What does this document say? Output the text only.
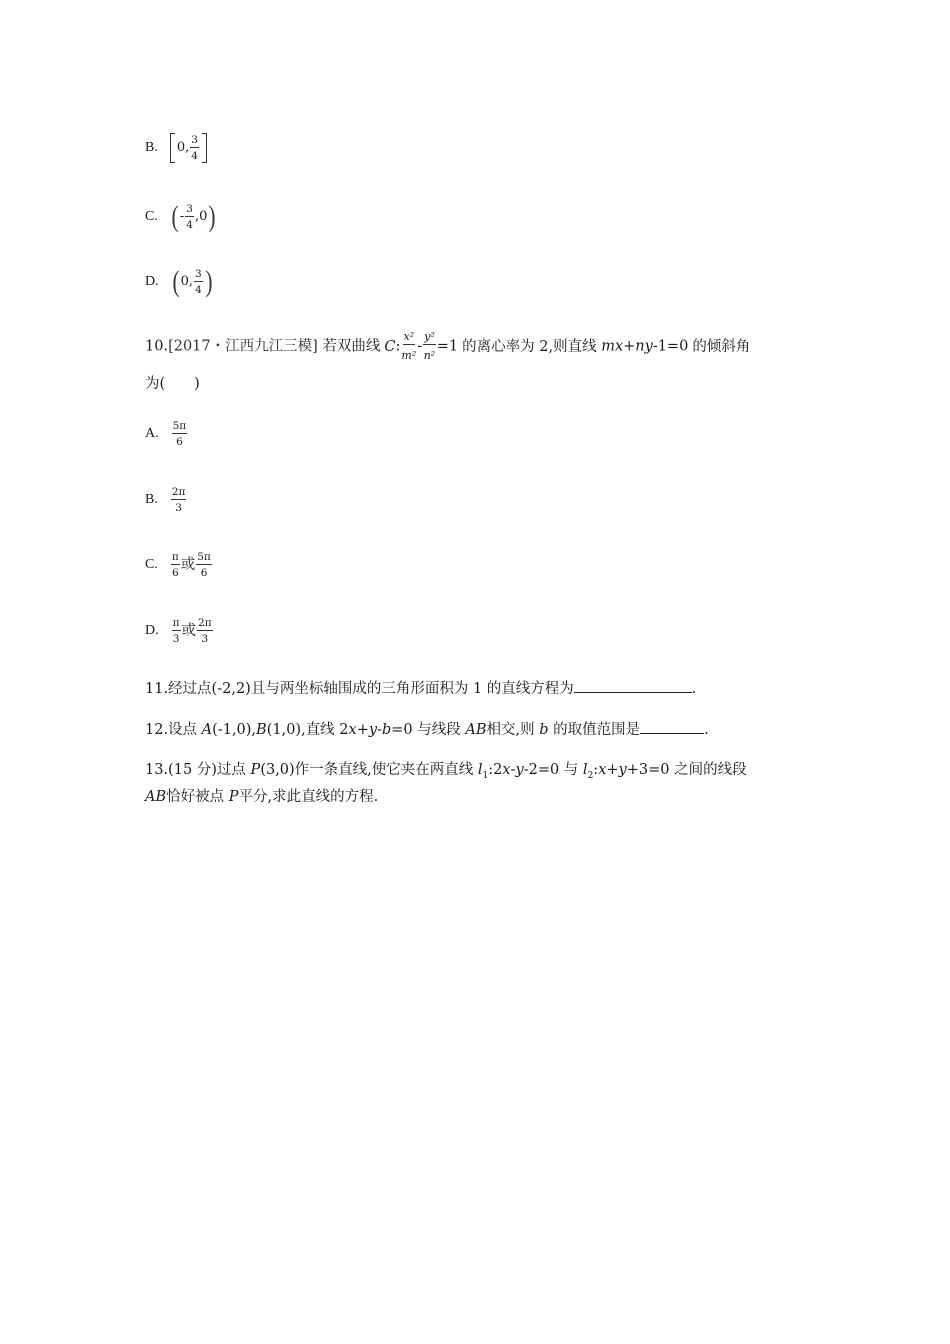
B. 0 , $\frac{3}{4}$
C. ( - $\frac{3}{4}$ , 0 )
D. ( 0 , $\frac{3}{4}$ )
10.[2017・江西九江三模] 若双曲线 C: $\frac{\text{x²}}{\text{m²}} - \frac{\text{y²}}{\text{n²}} =1$ 的离心率为 2,则直线 mx+ny-1=0 的倾斜角
为(　　)
A. $\frac{5\pi}{6}$
B. $\frac{2\pi}{3}$
C. $\frac{\pi}{6}$ 或 $\frac{5\pi}{6}$
D. $\frac{\pi}{3}$ 或 $\frac{2\pi}{3}$
11.经过点(-2,2)且与两坐标轴围成的三角形面积为 1 的直线方程为	.
12.设点 A(-1,0),B(1,0),直线 2x+y-b=0 与线段 AB相交,则 b 的取值范围是	.
13.(15 分)过点 P(3,0)作一条直线,使它夹在两直线 $l_1:2x-y-2=0$ 与 $l_2:x+y+3=0$ 之间的线段
AB恰好被点 P平分,求此直线的方程.
